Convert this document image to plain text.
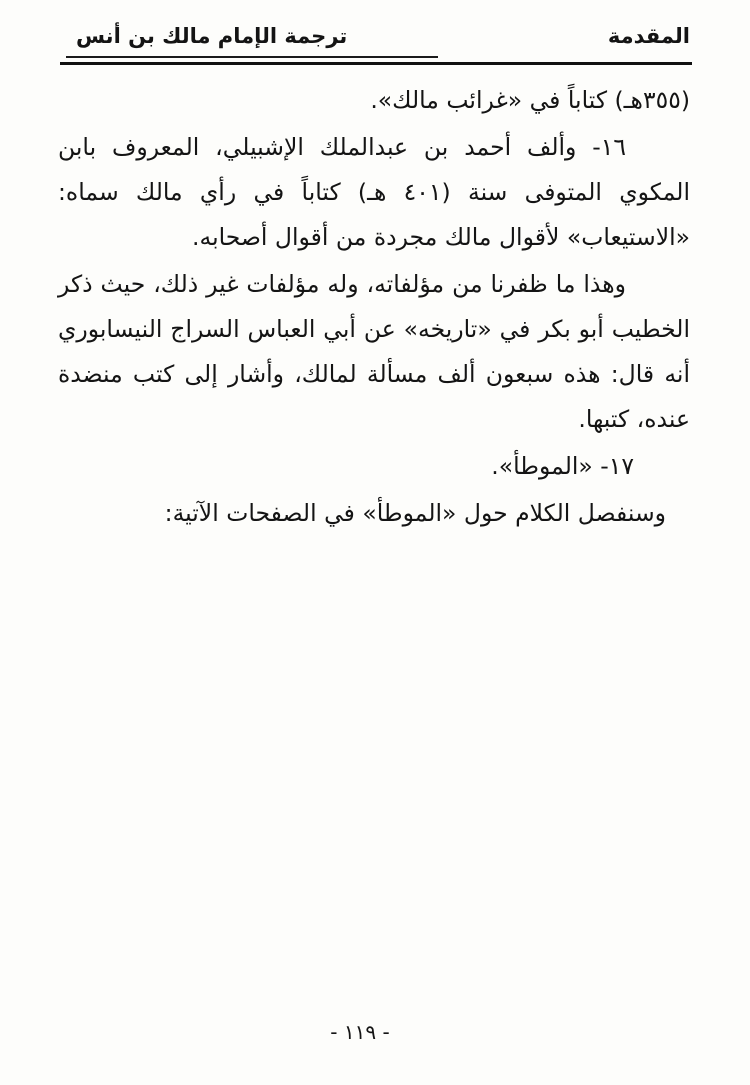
المقدمة
ترجمة الإمام مالك بن أنس

(٣٥٥هـ) كتاباً في «غرائب مالك».

١٦- وألف أحمد بن عبدالملك الإشبيلي، المعروف بابن المكوي المتوفى سنة (٤٠١ هـ) كتاباً في رأي مالك سماه: «الاستيعاب» لأقوال مالك مجردة من أقوال أصحابه.

وهذا ما ظفرنا من مؤلفاته، وله مؤلفات غير ذلك، حيث ذكر الخطيب أبو بكر في «تاريخه» عن أبي العباس السراج النيسابوري أنه قال: هذه سبعون ألف مسألة لمالك، وأشار إلى كتب منضدة عنده، كتبها.

١٧- «الموطأ».

وسنفصل الكلام حول «الموطأ» في الصفحات الآتية:

- ١١٩ -
